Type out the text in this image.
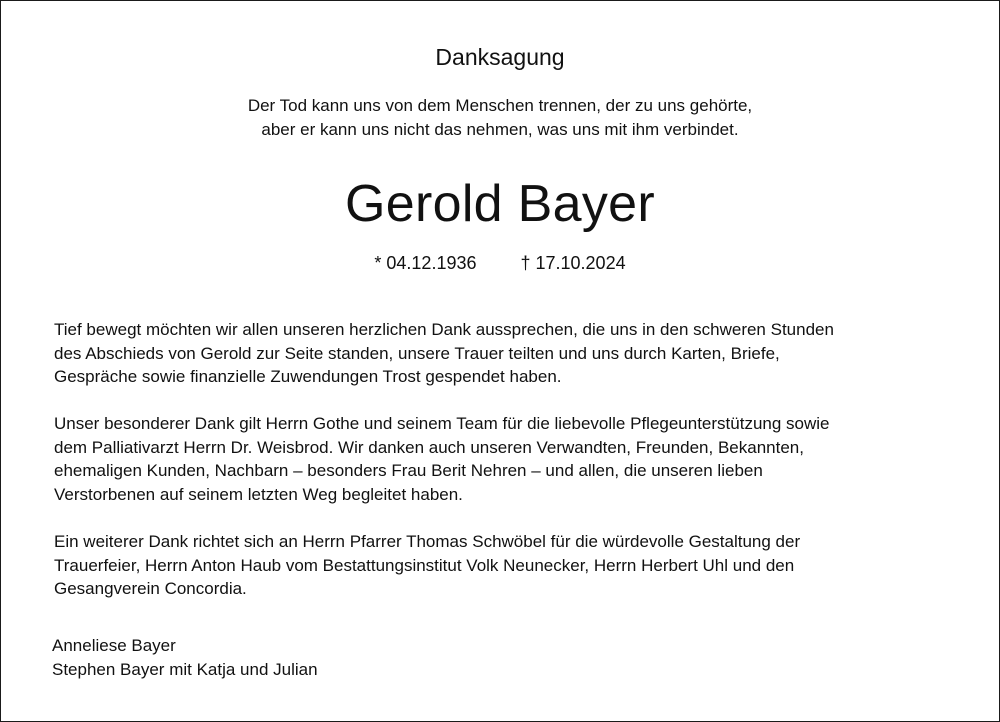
Danksagung
Der Tod kann uns von dem Menschen trennen, der zu uns gehörte,
aber er kann uns nicht das nehmen, was uns mit ihm verbindet.
Gerold Bayer
* 04.12.1936 † 17.10.2024
Tief bewegt möchten wir allen unseren herzlichen Dank aussprechen, die uns in den schweren Stunden
des Abschieds von Gerold zur Seite standen, unsere Trauer teilten und uns durch Karten, Briefe,
Gespräche sowie finanzielle Zuwendungen Trost gespendet haben.
Unser besonderer Dank gilt Herrn Gothe und seinem Team für die liebevolle Pflegeunterstützung sowie
dem Palliativarzt Herrn Dr. Weisbrod. Wir danken auch unseren Verwandten, Freunden, Bekannten,
ehemaligen Kunden, Nachbarn – besonders Frau Berit Nehren – und allen, die unseren lieben
Verstorbenen auf seinem letzten Weg begleitet haben.
Ein weiterer Dank richtet sich an Herrn Pfarrer Thomas Schwöbel für die würdevolle Gestaltung der
Trauerfeier, Herrn Anton Haub vom Bestattungsinstitut Volk Neunecker, Herrn Herbert Uhl und den
Gesangverein Concordia.
Anneliese Bayer
Stephen Bayer mit Katja und Julian
